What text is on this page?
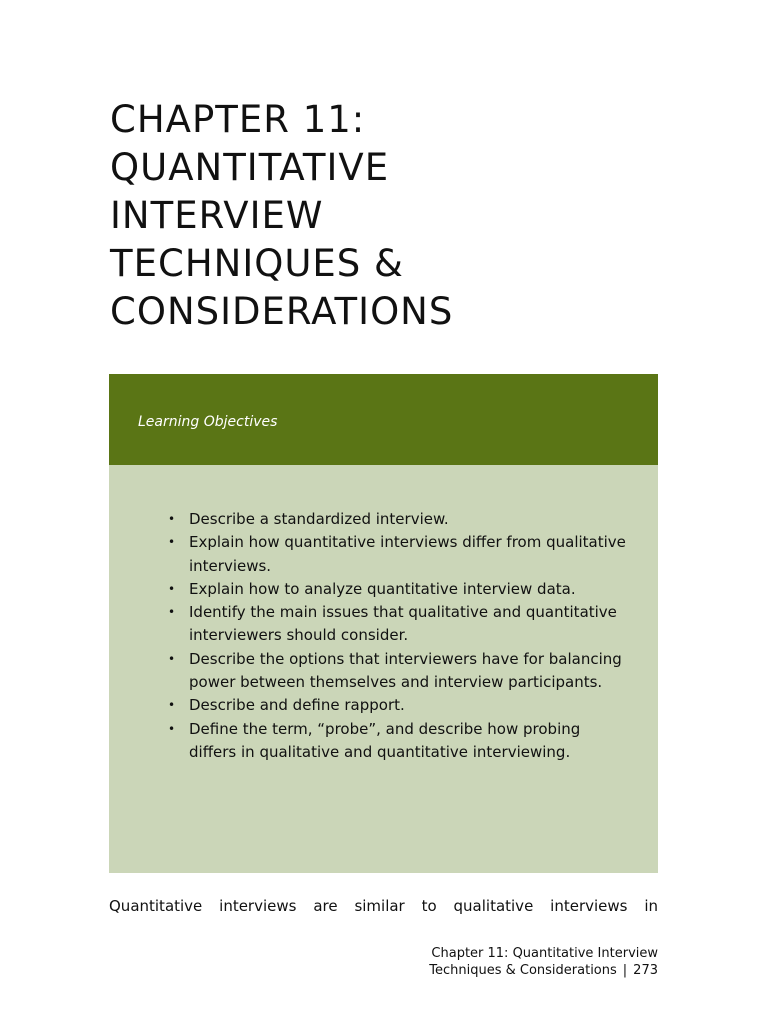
CHAPTER 11:
QUANTITATIVE
INTERVIEW
TECHNIQUES &
CONSIDERATIONS
Learning Objectives
• Describe a standardized interview.
• Explain how quantitative interviews differ from qualitative interviews.
• Explain how to analyze quantitative interview data.
• Identify the main issues that qualitative and quantitative interviewers should consider.
• Describe the options that interviewers have for balancing power between themselves and interview participants.
• Describe and define rapport.
• Define the term, “probe”, and describe how probing differs in qualitative and quantitative interviewing.

Quantitative interviews are similar to qualitative interviews in

Chapter 11: Quantitative Interview
Techniques & Considerations | 273
